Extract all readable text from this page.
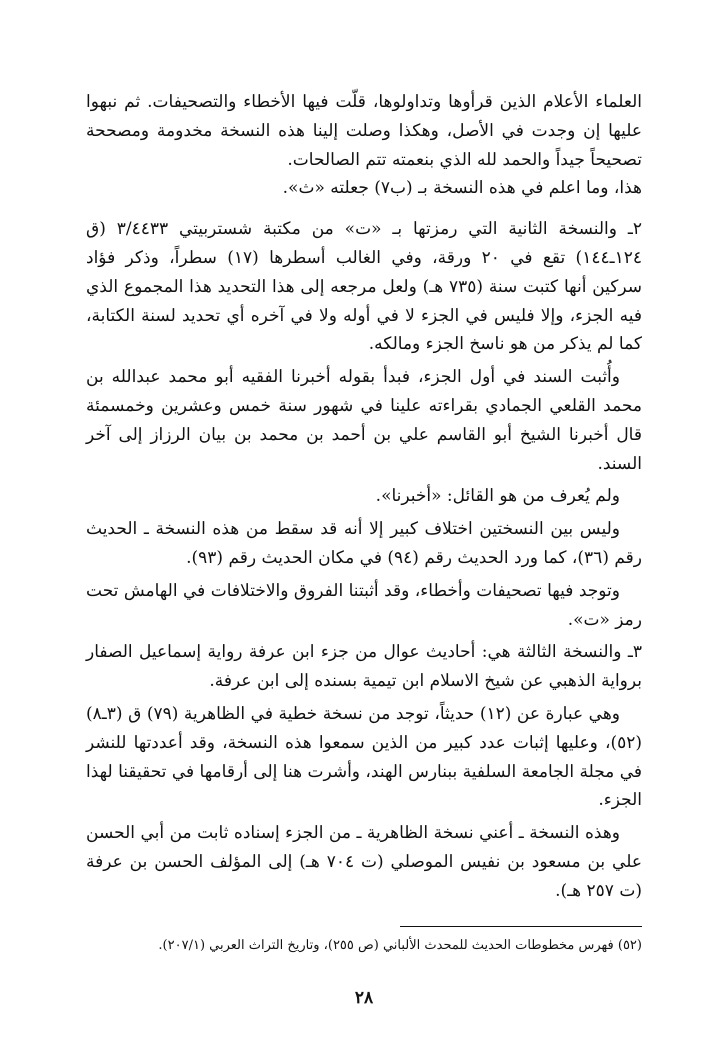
العلماء الأعلام الذين قرأوها وتداولوها، قلّت فيها الأخطاء والتصحيفات. ثم نبهوا عليها إن وجدت في الأصل، وهكذا وصلت إلينا هذه النسخة مخدومة ومصححة تصحيحاً جيداً والحمد لله الذي بنعمته تتم الصالحات.

هذا، وما اعلم في هذه النسخة بـ (ب٧) جعلته «ث».

٢ـ والنسخة الثانية التي رمزتها بـ «ت» من مكتبة شستربيتي ٣/٤٤٣٣ (ق ١٢٤ـ١٤٤) تقع في ٢٠ ورقة، وفي الغالب أسطرها (١٧) سطراً، وذكر فؤاد سركين أنها كتبت سنة (٧٣٥ هـ) ولعل مرجعه إلى هذا التحديد هذا المجموع الذي فيه الجزء، وإلا فليس في الجزء لا في أوله ولا في آخره أي تحديد لسنة الكتابة، كما لم يذكر من هو ناسخ الجزء ومالكه.

وأُثبت السند في أول الجزء، فبدأ بقوله أخبرنا الفقيه أبو محمد عبدالله بن محمد القلعي الجمادي بقراءته علينا في شهور سنة خمس وعشرين وخمسمئة قال أخبرنا الشيخ أبو القاسم علي بن أحمد بن محمد بن بيان الرزاز إلى آخر السند.

ولم يُعرف من هو القائل: «أخبرنا».

وليس بين النسختين اختلاف كبير إلا أنه قد سقط من هذه النسخة ـ الحديث رقم (٣٦)، كما ورد الحديث رقم (٩٤) في مكان الحديث رقم (٩٣).

وتوجد فيها تصحيفات وأخطاء، وقد أثبتنا الفروق والاختلافات في الهامش تحت رمز «ت».

٣ـ والنسخة الثالثة هي: أحاديث عوال من جزء ابن عرفة رواية إسماعيل الصفار برواية الذهبي عن شيخ الاسلام ابن تيمية بسنده إلى ابن عرفة.

وهي عبارة عن (١٢) حديثاً، توجد من نسخة خطية في الظاهرية (٧٩) ق (٣ـ٨)(٥٢)، وعليها إثبات عدد كبير من الذين سمعوا هذه النسخة، وقد أعددتها للنشر في مجلة الجامعة السلفية ببنارس الهند، وأشرت هنا إلى أرقامها في تحقيقنا لهذا الجزء.

وهذه النسخة ـ أعني نسخة الظاهرية ـ من الجزء إسناده ثابت من أبي الحسن علي بن مسعود بن نفيس الموصلي (ت ٧٠٤ هـ) إلى المؤلف الحسن بن عرفة (ت ٢٥٧ هـ).

(٥٢) فهرس مخطوطات الحديث للمحدث الألباني (ص ٢٥٥)، وتاريخ التراث العربي (٢٠٧/١).
٢٨
